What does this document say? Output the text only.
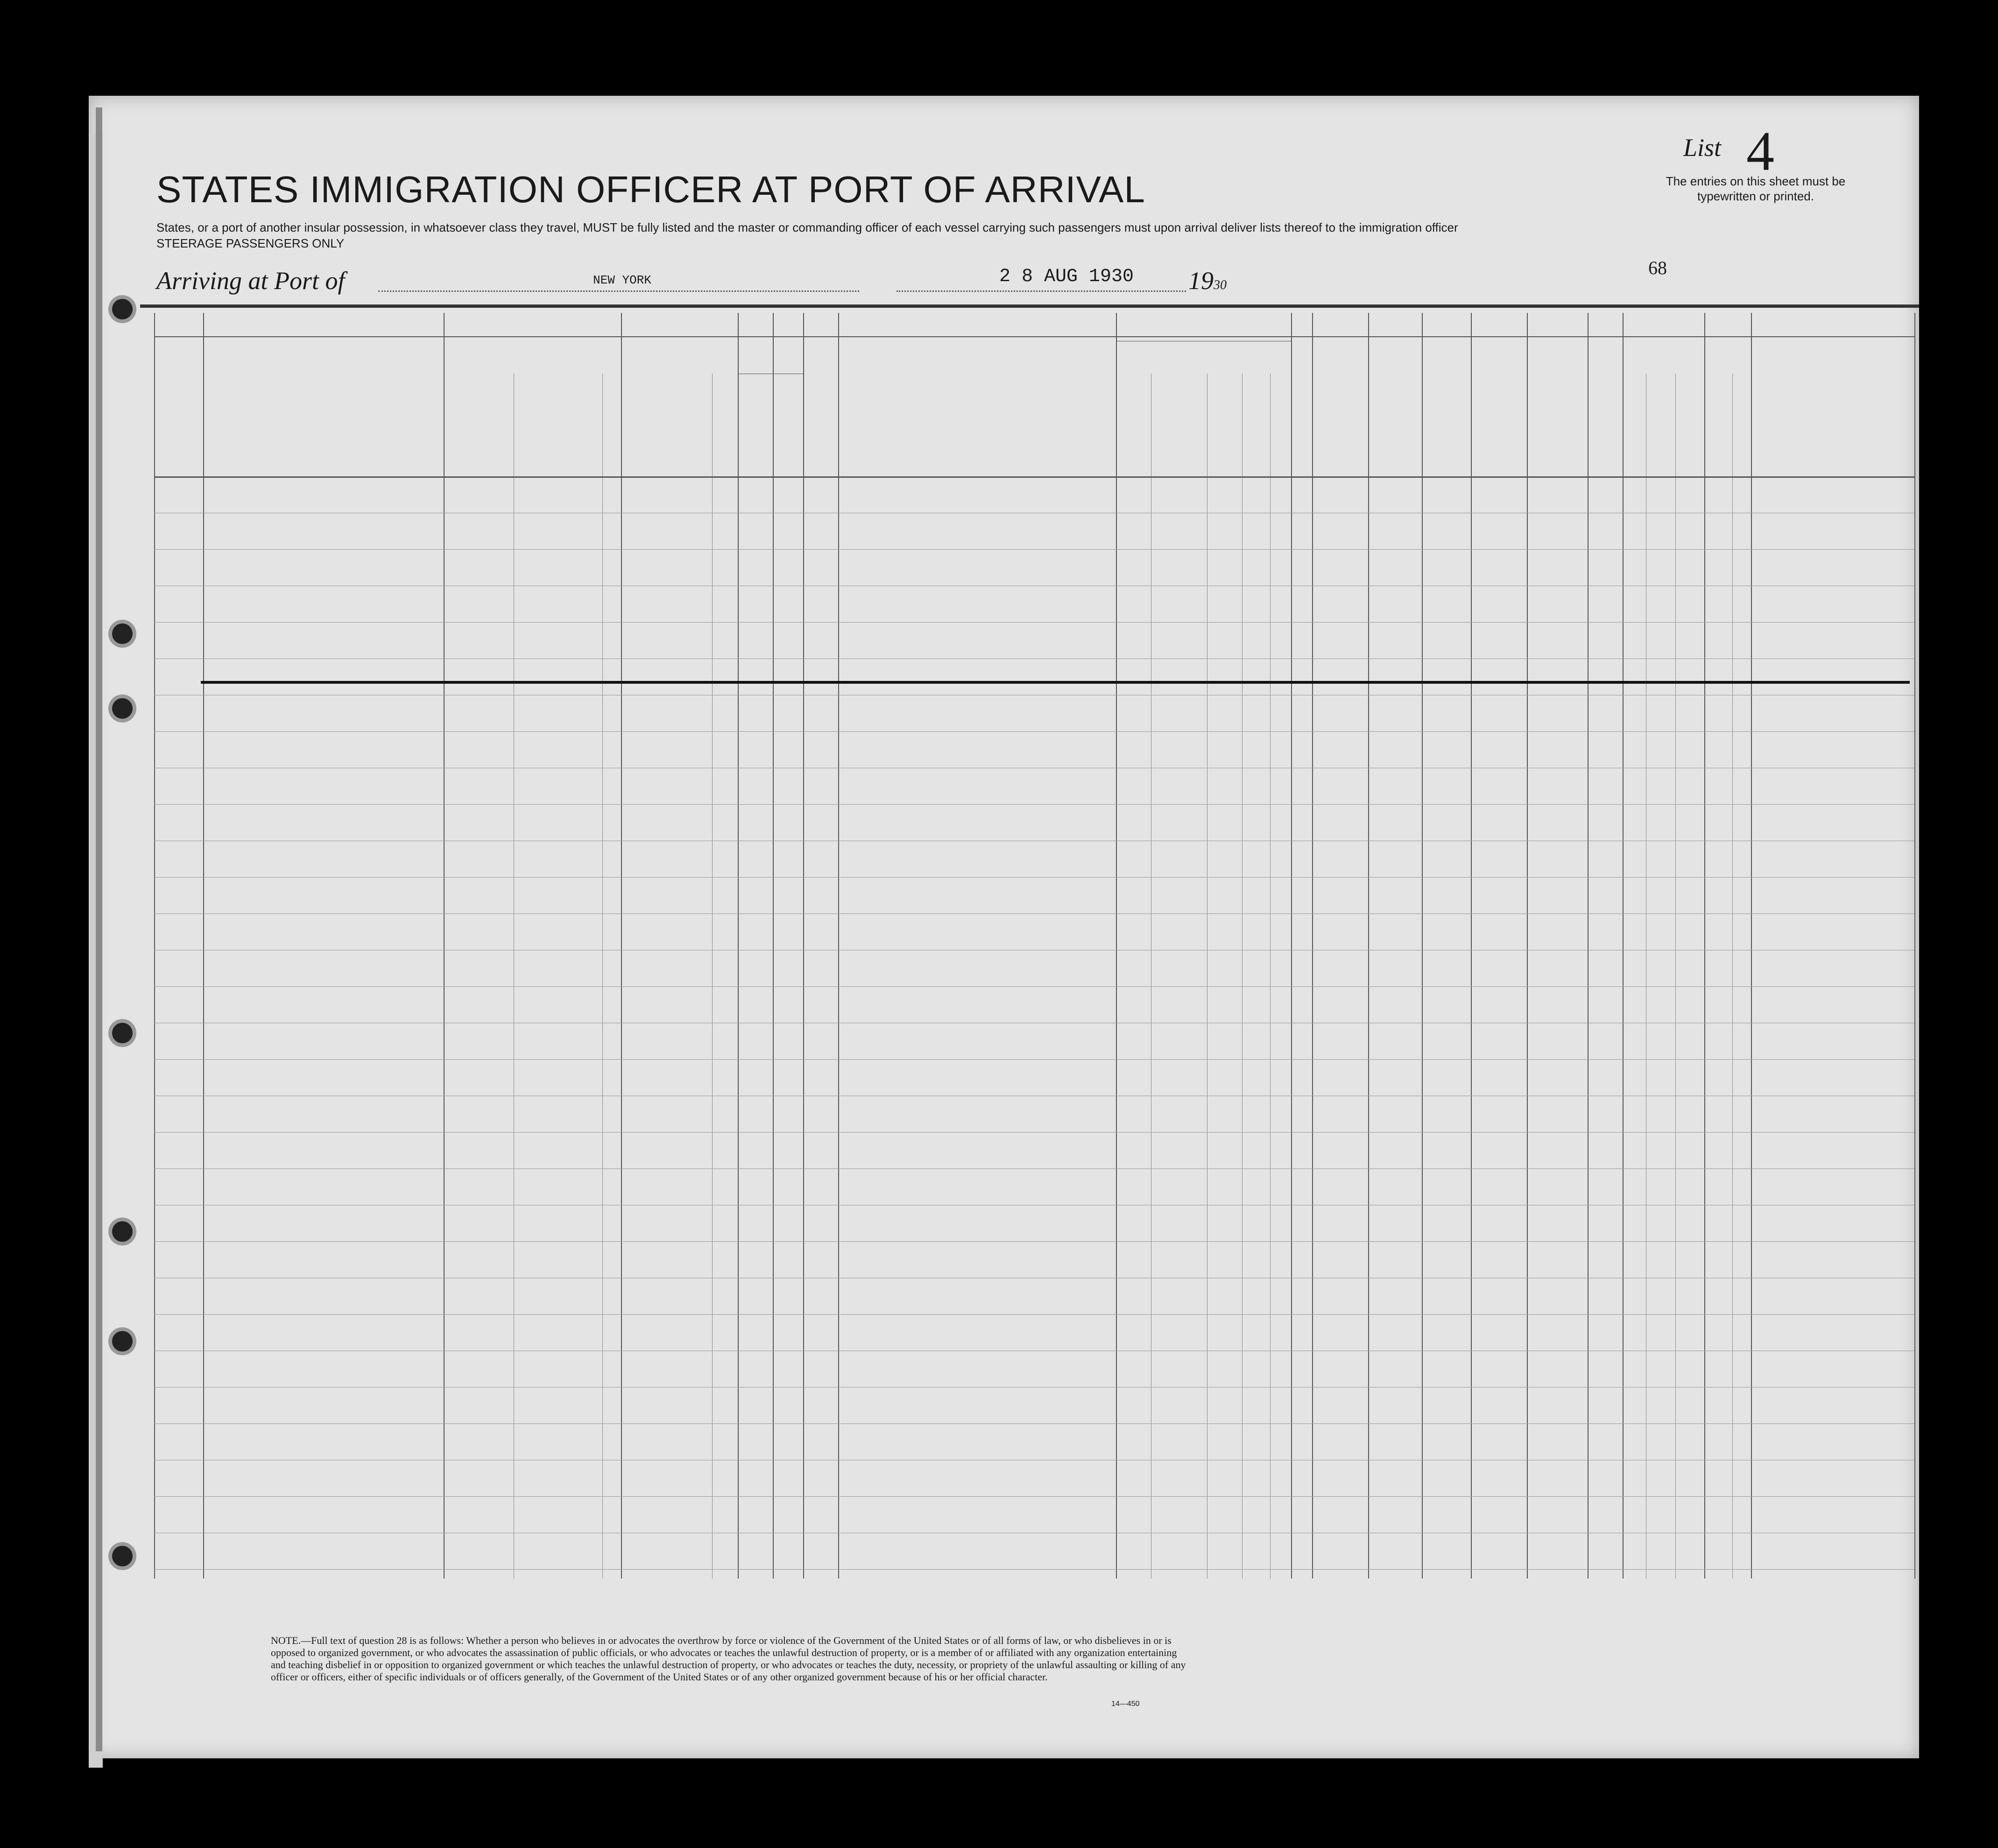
List 4
The entries on this sheet must be typewritten or printed.
STATES IMMIGRATION OFFICER AT PORT OF ARRIVAL
States, or a port of another insular possession, in whatsoever class they travel, MUST be fully listed and the master or commanding officer of each vessel carrying such passengers must upon arrival deliver lists thereof to the immigration officer
STEERAGE PASSENGERS ONLY
Arriving at Port of	NEW YORK	2 8 AUG 1930 1930
68
NOTE.—Full text of question 28 is as follows: Whether a person who believes in or advocates the overthrow by force or violence of the Government of the United States or of all forms of law, or who disbelieves in or is opposed to organized government, or who advocates the assassination of public officials, or who advocates or teaches the unlawful destruction of property, or is a member of or affiliated with any organization entertaining and teaching disbelief in or opposition to organized government or which teaches the unlawful destruction of property, or who advocates or teaches the duty, necessity, or propriety of the unlawful assaulting or killing of any officer or officers, either of specific individuals or of officers generally, of the Government of the United States or of any other organized government because of his or her official character.
14—450
